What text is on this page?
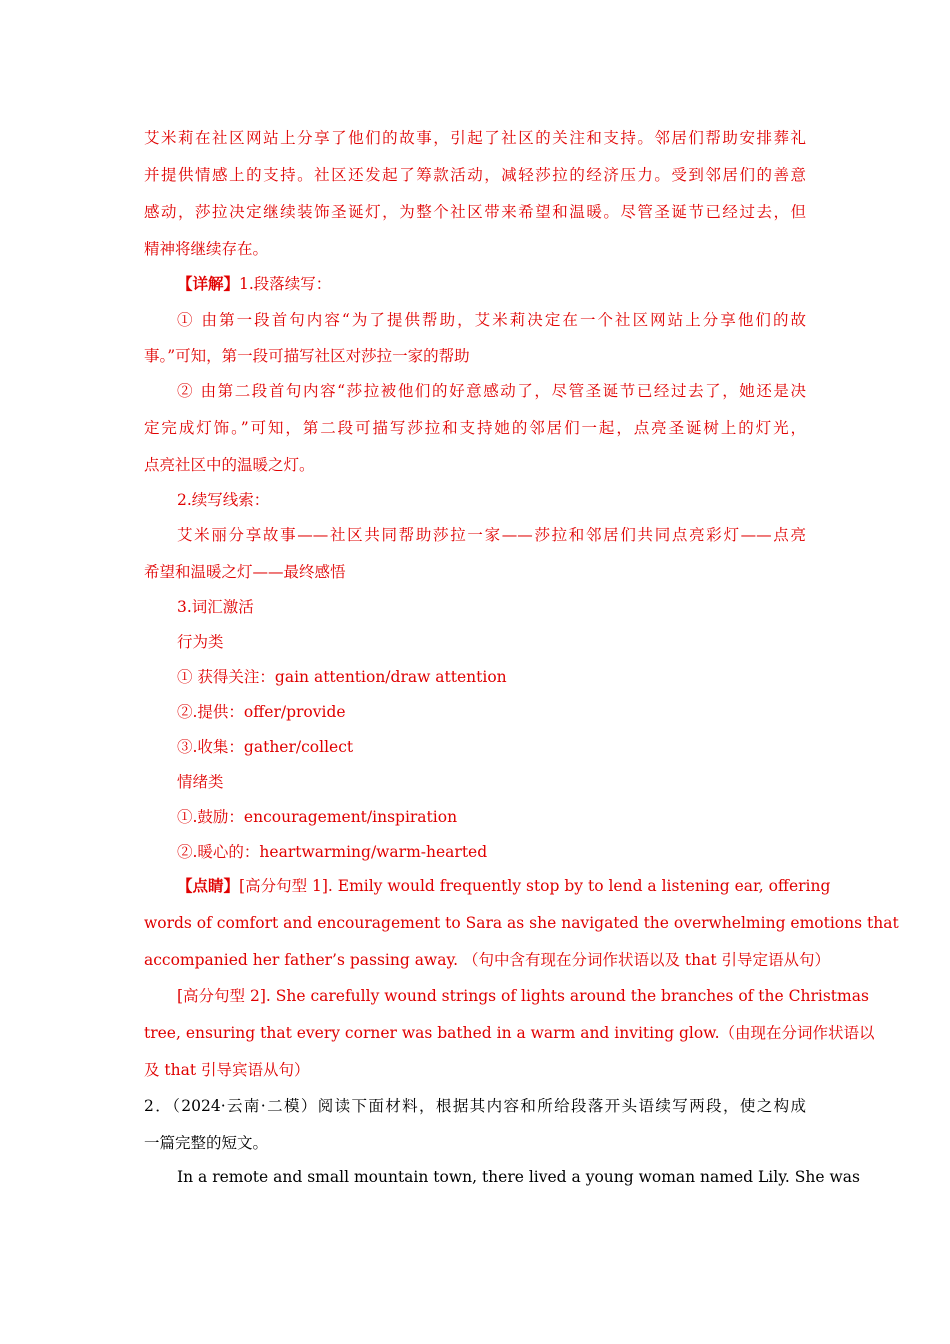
艾米莉在社区网站上分享了他们的故事，引起了社区的关注和支持。邻居们帮助安排葬礼
并提供情感上的支持。社区还发起了筹款活动，减轻莎拉的经济压力。受到邻居们的善意
感动，莎拉决定继续装饰圣诞灯，为整个社区带来希望和温暖。尽管圣诞节已经过去，但
精神将继续存在。
【详解】1.段落续写：
① 由第一段首句内容“为了提供帮助，艾米莉决定在一个社区网站上分享他们的故
事。”可知，第一段可描写社区对莎拉一家的帮助
② 由第二段首句内容“莎拉被他们的好意感动了，尽管圣诞节已经过去了，她还是决
定完成灯饰。”可知，第二段可描写莎拉和支持她的邻居们一起，点亮圣诞树上的灯光，
点亮社区中的温暖之灯。
2.续写线索：
艾米丽分享故事——社区共同帮助莎拉一家——莎拉和邻居们共同点亮彩灯——点亮
希望和温暖之灯——最终感悟
3.词汇激活
行为类
① 获得关注：gain attention/draw attention
②.提供：offer/provide
③.收集：gather/collect
情绪类
①.鼓励：encouragement/inspiration
②.暖心的：heartwarming/warm-hearted
【点睛】[高分句型 1]. Emily would frequently stop by to lend a listening ear, offering
words of comfort and encouragement to Sara as she navigated the overwhelming emotions that
accompanied her father’s passing away. （句中含有现在分词作状语以及 that 引导定语从句）
[高分句型 2]. She carefully wound strings of lights around the branches of the Christmas
tree, ensuring that every corner was bathed in a warm and inviting glow.（由现在分词作状语以
及 that 引导宾语从句）
2．（2024·云南·二模）阅读下面材料，根据其内容和所给段落开头语续写两段，使之构成
一篇完整的短文。
In a remote and small mountain town, there lived a young woman named Lily. She was
